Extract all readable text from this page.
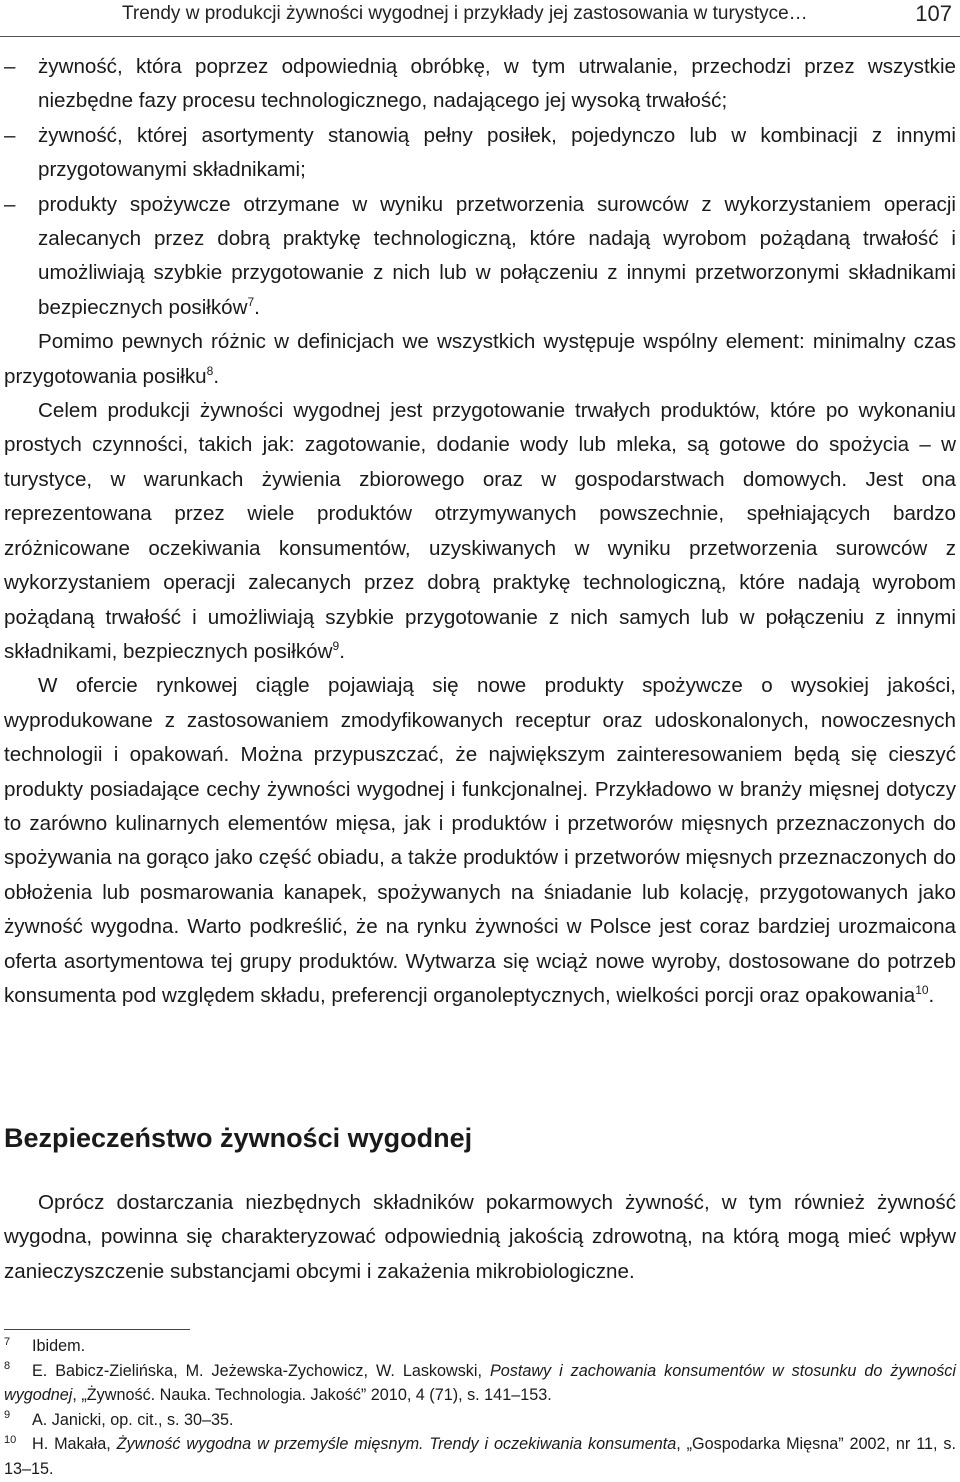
Trendy w produkcji żywności wygodnej i przykłady jej zastosowania w turystyce…	107

– żywność, która poprzez odpowiednią obróbkę, w tym utrwalanie, przechodzi przez wszystkie niezbędne fazy procesu technologicznego, nadającego jej wysoką trwałość;

– żywność, której asortymenty stanowią pełny posiłek, pojedynczo lub w kombinacji z innymi przygotowanymi składnikami;

– produkty spożywcze otrzymane w wyniku przetworzenia surowców z wykorzystaniem operacji zalecanych przez dobrą praktykę technologiczną, które nadają wyrobom pożądaną trwałość i umożliwiają szybkie przygotowanie z nich lub w połączeniu z innymi przetworzonymi składnikami bezpiecznych posiłków$^7$.

Pomimo pewnych różnic w definicjach we wszystkich występuje wspólny element: minimalny czas przygotowania posiłku$^8$.

Celem produkcji żywności wygodnej jest przygotowanie trwałych produktów, które po wykonaniu prostych czynności, takich jak: zagotowanie, dodanie wody lub mleka, są gotowe do spożycia – w turystyce, w warunkach żywienia zbiorowego oraz w gospodarstwach domowych. Jest ona reprezentowana przez wiele produktów otrzymywanych powszechnie, spełniających bardzo zróżnicowane oczekiwania konsumentów, uzyskiwanych w wyniku przetworzenia surowców z wykorzystaniem operacji zalecanych przez dobrą praktykę technologiczną, które nadają wyrobom pożądaną trwałość i umożliwiają szybkie przygotowanie z nich samych lub w połączeniu z innymi składnikami, bezpiecznych posiłków$^9$.

W ofercie rynkowej ciągle pojawiają się nowe produkty spożywcze o wysokiej jakości, wyprodukowane z zastosowaniem zmodyfikowanych receptur oraz udoskonalonych, nowoczesnych technologii i opakowań. Można przypuszczać, że największym zainteresowaniem będą się cieszyć produkty posiadające cechy żywności wygodnej i funkcjonalnej. Przykładowo w branży mięsnej dotyczy to zarówno kulinarnych elementów mięsa, jak i produktów i przetworów mięsnych przeznaczonych do spożywania na gorąco jako część obiadu, a także produktów i przetworów mięsnych przeznaczonych do obłożenia lub posmarowania kanapek, spożywanych na śniadanie lub kolację, przygotowanych jako żywność wygodna. Warto podkreślić, że na rynku żywności w Polsce jest coraz bardziej urozmaicona oferta asortymentowa tej grupy produktów. Wytwarza się wciąż nowe wyroby, dostosowane do potrzeb konsumenta pod względem składu, preferencji organoleptycznych, wielkości porcji oraz opakowania$^{10}$.

Bezpieczeństwo żywności wygodnej

Oprócz dostarczania niezbędnych składników pokarmowych żywność, w tym również żywność wygodna, powinna się charakteryzować odpowiednią jakością zdrowotną, na którą mogą mieć wpływ zanieczyszczenie substancjami obcymi i zakażenia mikrobiologiczne.

7 Ibidem.

8 E. Babicz-Zielińska, M. Jeżewska-Zychowicz, W. Laskowski, Postawy i zachowania konsumentów w stosunku do żywności wygodnej, „Żywność. Nauka. Technologia. Jakość” 2010, 4 (71), s. 141–153.

9 A. Janicki, op. cit., s. 30–35.

10 H. Makała, Żywność wygodna w przemyśle mięsnym. Trendy i oczekiwania konsumenta, „Gospodarka Mięsna” 2002, nr 11, s. 13–15.
